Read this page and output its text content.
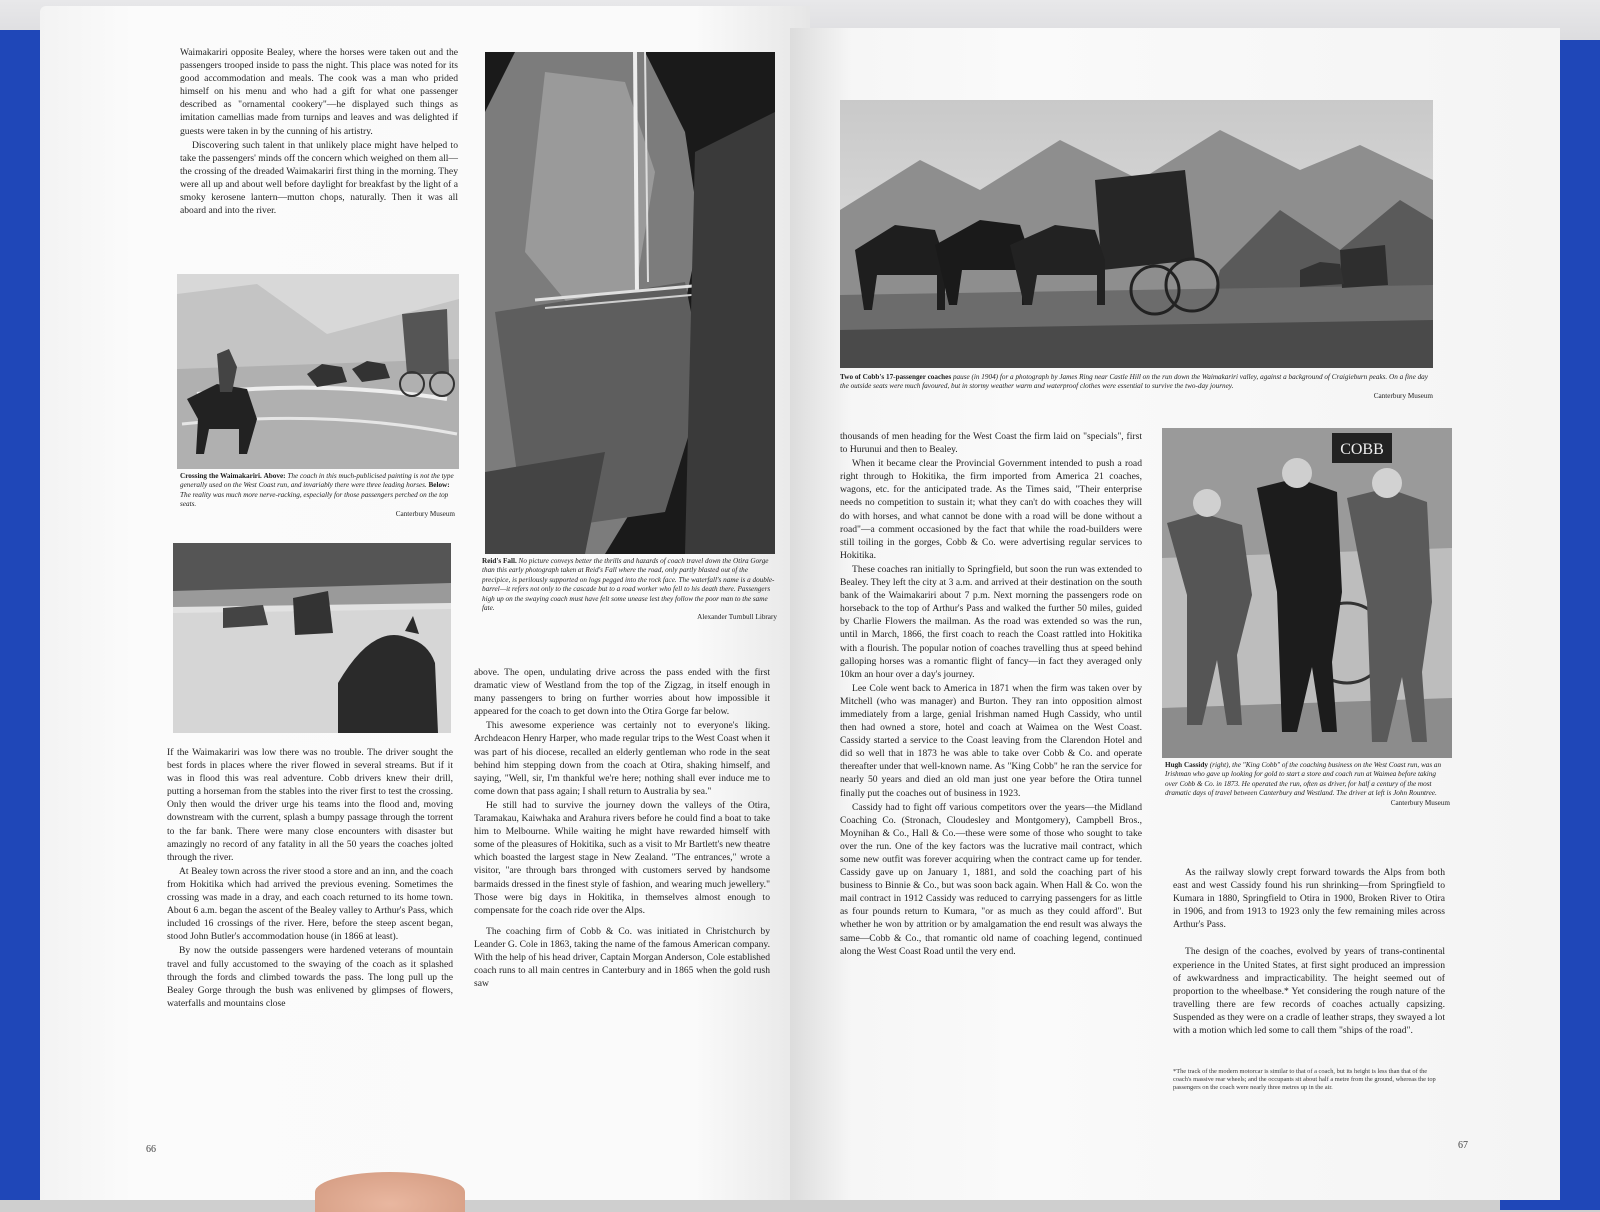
Waimakariri opposite Bealey, where the horses were taken out and the passengers trooped inside to pass the night. This place was noted for its good accommodation and meals. The cook was a man who prided himself on his menu and who had a gift for what one passenger described as "ornamental cookery"—he displayed such things as imitation camellias made from turnips and leaves and was delighted if guests were taken in by the cunning of his artistry.

Discovering such talent in that unlikely place might have helped to take the passengers' minds off the concern which weighed on them all—the crossing of the dreaded Waimakariri first thing in the morning. They were all up and about well before daylight for breakfast by the light of a smoky kerosene lantern—mutton chops, naturally. Then it was all aboard and into the river.

Crossing the Waimakariri. Above: The coach in this much-publicised painting is not the type generally used on the West Coast run, and invariably there were three leading horses. Below: The reality was much more nerve-racking, especially for those passengers perched on the top seats.
Canterbury Museum

If the Waimakariri was low there was no trouble. The driver sought the best fords in places where the river flowed in several streams. But if it was in flood this was real adventure. Cobb drivers knew their drill, putting a horseman from the stables into the river first to test the crossing. Only then would the driver urge his teams into the flood and, moving downstream with the current, splash a bumpy passage through the torrent to the far bank. There were many close encounters with disaster but amazingly no record of any fatality in all the 50 years the coaches jolted through the river.

At Bealey town across the river stood a store and an inn, and the coach from Hokitika which had arrived the previous evening. Sometimes the crossing was made in a dray, and each coach returned to its home town. About 6 a.m. began the ascent of the Bealey valley to Arthur's Pass, which included 16 crossings of the river. Here, before the steep ascent began, stood John Butler's accommodation house (in 1866 at least).

By now the outside passengers were hardened veterans of mountain travel and fully accustomed to the swaying of the coach as it splashed through the fords and climbed towards the pass. The long pull up the Bealey Gorge through the bush was enlivened by glimpses of flowers, waterfalls and mountains close

Reid's Fall. No picture conveys better the thrills and hazards of coach travel down the Otira Gorge than this early photograph taken at Reid's Fall where the road, only partly blasted out of the precipice, is perilously supported on logs pegged into the rock face. The waterfall's name is a double-barrel—it refers not only to the cascade but to a road worker who fell to his death there. Passengers high up on the swaying coach must have felt some unease lest they follow the poor man to the same fate.
Alexander Turnbull Library

above. The open, undulating drive across the pass ended with the first dramatic view of Westland from the top of the Zigzag, in itself enough in many passengers to bring on further worries about how impossible it appeared for the coach to get down into the Otira Gorge far below.

This awesome experience was certainly not to everyone's liking. Archdeacon Henry Harper, who made regular trips to the West Coast when it was part of his diocese, recalled an elderly gentleman who rode in the seat behind him stepping down from the coach at Otira, shaking himself, and saying, "Well, sir, I'm thankful we're here; nothing shall ever induce me to come down that pass again; I shall return to Australia by sea."

He still had to survive the journey down the valleys of the Otira, Taramakau, Kaiwhaka and Arahura rivers before he could find a boat to take him to Melbourne. While waiting he might have rewarded himself with some of the pleasures of Hokitika, such as a visit to Mr Bartlett's new theatre which boasted the largest stage in New Zealand. "The entrances," wrote a visitor, "are through bars thronged with customers served by handsome barmaids dressed in the finest style of fashion, and wearing much jewellery." Those were big days in Hokitika, in themselves almost enough to compensate for the coach ride over the Alps.

The coaching firm of Cobb & Co. was initiated in Christchurch by Leander G. Cole in 1863, taking the name of the famous American company. With the help of his head driver, Captain Morgan Anderson, Cole established coach runs to all main centres in Canterbury and in 1865 when the gold rush saw

66
Two of Cobb's 17-passenger coaches pause (in 1904) for a photograph by James Ring near Castle Hill on the run down the Waimakariri valley, against a background of Craigieburn peaks. On a fine day the outside seats were much favoured, but in stormy weather warm and waterproof clothes were essential to survive the two-day journey.
Canterbury Museum

thousands of men heading for the West Coast the firm laid on "specials", first to Hurunui and then to Bealey.

When it became clear the Provincial Government intended to push a road right through to Hokitika, the firm imported from America 21 coaches, wagons, etc. for the anticipated trade. As the Times said, "Their enterprise needs no competition to sustain it; what they can't do with coaches they will do with horses, and what cannot be done with a road will be done without a road"—a comment occasioned by the fact that while the road-builders were still toiling in the gorges, Cobb & Co. were advertising regular services to Hokitika.

These coaches ran initially to Springfield, but soon the run was extended to Bealey. They left the city at 3 a.m. and arrived at their destination on the south bank of the Waimakariri about 7 p.m. Next morning the passengers rode on horseback to the top of Arthur's Pass and walked the further 50 miles, guided by Charlie Flowers the mailman. As the road was extended so was the run, until in March, 1866, the first coach to reach the Coast rattled into Hokitika with a flourish. The popular notion of coaches travelling thus at speed behind galloping horses was a romantic flight of fancy—in fact they averaged only 10km an hour over a day's journey.

Lee Cole went back to America in 1871 when the firm was taken over by Mitchell (who was manager) and Burton. They ran into opposition almost immediately from a large, genial Irishman named Hugh Cassidy, who until then had owned a store, hotel and coach at Waimea on the West Coast. Cassidy started a service to the Coast leaving from the Clarendon Hotel and did so well that in 1873 he was able to take over Cobb & Co. and operate thereafter under that well-known name. As "King Cobb" he ran the service for nearly 50 years and died an old man just one year before the Otira tunnel finally put the coaches out of business in 1923.

Cassidy had to fight off various competitors over the years—the Midland Coaching Co. (Stronach, Cloudesley and Montgomery), Campbell Bros., Moynihan & Co., Hall & Co.—these were some of those who sought to take over the run. One of the key factors was the lucrative mail contract, which some new outfit was forever acquiring when the contract came up for tender. Cassidy gave up on January 1, 1881, and sold the coaching part of his business to Binnie & Co., but was soon back again. When Hall & Co. won the mail contract in 1912 Cassidy was reduced to carrying passengers for as little as four pounds return to Kumara, "or as much as they could afford". But whether he won by attrition or by amalgamation the end result was always the same—Cobb & Co., that romantic old name of coaching legend, continued along the West Coast Road until the very end.

COBB
Hugh Cassidy (right), the "King Cobb" of the coaching business on the West Coast run, was an Irishman who gave up looking for gold to start a store and coach run at Waimea before taking over Cobb & Co. in 1873. He operated the run, often as driver, for half a century of the most dramatic days of travel between Canterbury and Westland. The driver at left is John Rountree.
Canterbury Museum

As the railway slowly crept forward towards the Alps from both east and west Cassidy found his run shrinking—from Springfield to Kumara in 1880, Springfield to Otira in 1900, Broken River to Otira in 1906, and from 1913 to 1923 only the few remaining miles across Arthur's Pass.

The design of the coaches, evolved by years of trans-continental experience in the United States, at first sight produced an impression of awkwardness and impracticability. The height seemed out of proportion to the wheelbase.* Yet considering the rough nature of the travelling there are few records of coaches actually capsizing. Suspended as they were on a cradle of leather straps, they swayed a lot with a motion which led some to call them "ships of the road".

*The track of the modern motorcar is similar to that of a coach, but its height is less than that of the coach's massive rear wheels; and the occupants sit about half a metre from the ground, whereas the top passengers on the coach were nearly three metres up in the air.
67
